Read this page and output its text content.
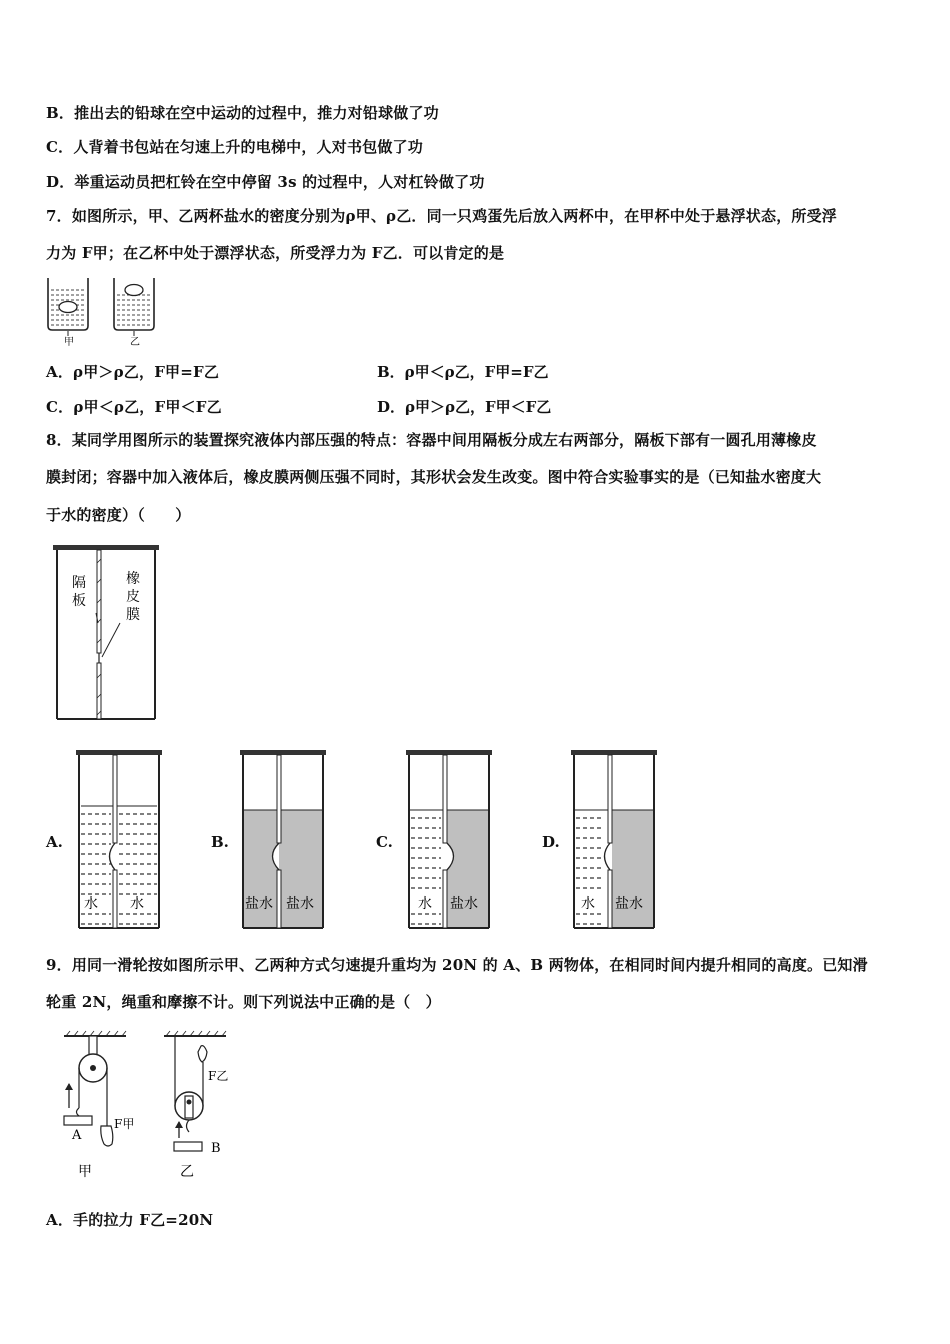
B．推出去的铅球在空中运动的过程中，推力对铅球做了功
C．人背着书包站在匀速上升的电梯中，人对书包做了功
D．举重运动员把杠铃在空中停留 3s 的过程中，人对杠铃做了功
7．如图所示，甲、乙两杯盐水的密度分别为ρ甲、ρ乙．同一只鸡蛋先后放入两杯中，在甲杯中处于悬浮状态，所受浮
力为 F甲；在乙杯中处于漂浮状态，所受浮力为 F乙．可以肯定的是
甲	乙
A．ρ甲＞ρ乙，F甲=F乙	B．ρ甲＜ρ乙，F甲=F乙
C．ρ甲＜ρ乙，F甲＜F乙	D．ρ甲＞ρ乙，F甲＜F乙
8．某同学用图所示的装置探究液体内部压强的特点：容器中间用隔板分成左右两部分，隔板下部有一圆孔用薄橡皮
膜封闭；容器中加入液体后，橡皮膜两侧压强不同时，其形状会发生改变。图中符合实验事实的是（已知盐水密度大
于水的密度）（　　）
隔
板
橡
皮
膜
A.
水 水
B.
盐水 盐水
C.
水 盐水
D.
水 盐水
9．用同一滑轮按如图所示甲、乙两种方式匀速提升重均为 20N 的 A、B 两物体，在相同时间内提升相同的高度。已知滑
轮重 2N，绳重和摩擦不计。则下列说法中正确的是（　）
A
F甲
甲
B
F乙
乙
A．手的拉力 F乙=20N
